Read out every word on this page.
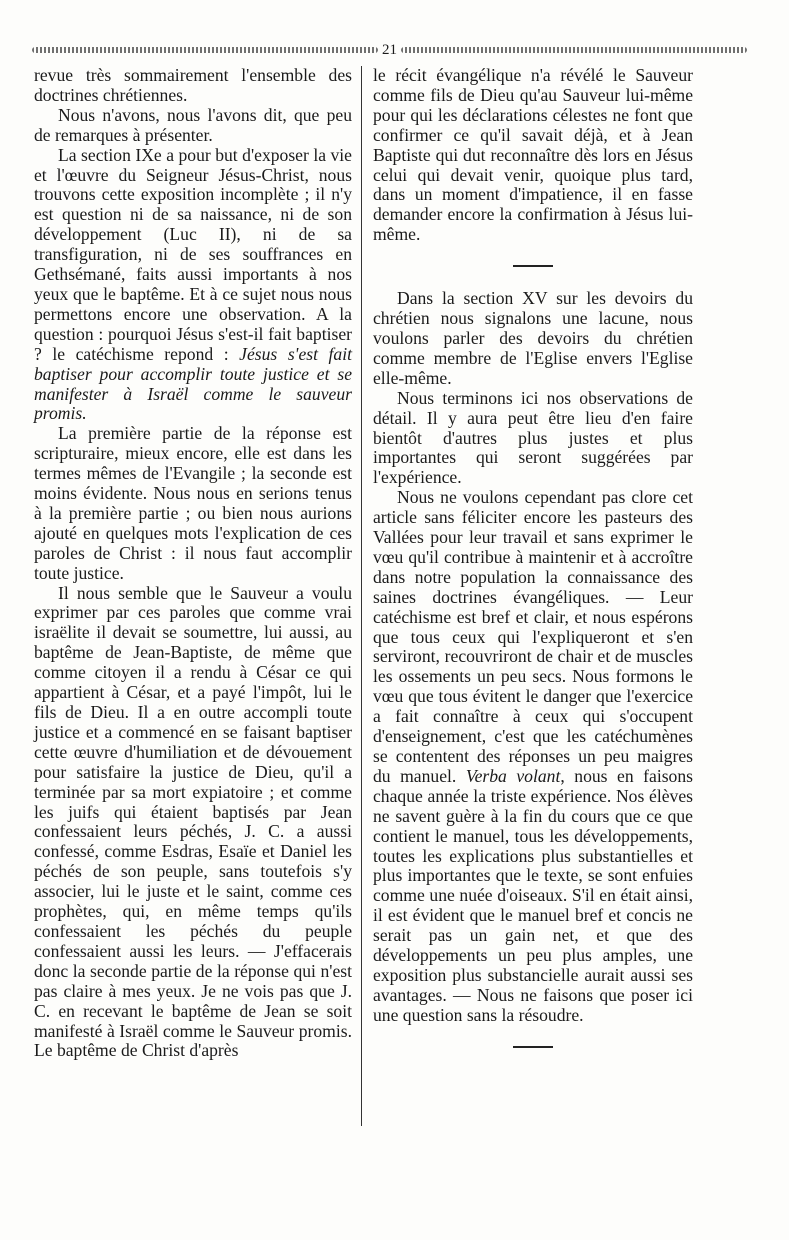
21

revue très sommairement l'ensemble des doctrines chrétiennes.

Nous n'avons, nous l'avons dit, que peu de remarques à présenter.

La section IXe a pour but d'exposer la vie et l'œuvre du Seigneur Jésus-Christ, nous trouvons cette exposition incomplète ; il n'y est question ni de sa naissance, ni de son développement (Luc II), ni de sa transfiguration, ni de ses souffrances en Gethsémané, faits aussi importants à nos yeux que le baptême. Et à ce sujet nous nous permettons encore une observation. A la question : pourquoi Jésus s'est-il fait baptiser ? le catéchisme repond : Jésus s'est fait baptiser pour accomplir toute justice et se manifester à Israël comme le sauveur promis.

La première partie de la réponse est scripturaire, mieux encore, elle est dans les termes mêmes de l'Evangile ; la seconde est moins évidente. Nous nous en serions tenus à la première partie ; ou bien nous aurions ajouté en quelques mots l'explication de ces paroles de Christ : il nous faut accomplir toute justice.

Il nous semble que le Sauveur a voulu exprimer par ces paroles que comme vrai israëlite il devait se soumettre, lui aussi, au baptême de Jean-Baptiste, de même que comme citoyen il a rendu à César ce qui appartient à César, et a payé l'impôt, lui le fils de Dieu. Il a en outre accompli toute justice et a commencé en se faisant baptiser cette œuvre d'humiliation et de dévouement pour satisfaire la justice de Dieu, qu'il a terminée par sa mort expiatoire ; et comme les juifs qui étaient baptisés par Jean confessaient leurs péchés, J. C. a aussi confessé, comme Esdras, Esaïe et Daniel les péchés de son peuple, sans toutefois s'y associer, lui le juste et le saint, comme ces prophètes, qui, en même temps qu'ils confessaient les péchés du peuple confessaient aussi les leurs. — J'effacerais donc la seconde partie de la réponse qui n'est pas claire à mes yeux. Je ne vois pas que J. C. en recevant le baptême de Jean se soit manifesté à Israël comme le Sauveur promis. Le baptême de Christ d'après

le récit évangélique n'a révélé le Sauveur comme fils de Dieu qu'au Sauveur lui-même pour qui les déclarations célestes ne font que confirmer ce qu'il savait déjà, et à Jean Baptiste qui dut reconnaître dès lors en Jésus celui qui devait venir, quoique plus tard, dans un moment d'impatience, il en fasse demander encore la confirmation à Jésus lui-même.

Dans la section XV sur les devoirs du chrétien nous signalons une lacune, nous voulons parler des devoirs du chrétien comme membre de l'Eglise envers l'Eglise elle-même.

Nous terminons ici nos observations de détail. Il y aura peut être lieu d'en faire bientôt d'autres plus justes et plus importantes qui seront suggérées par l'expérience.

Nous ne voulons cependant pas clore cet article sans féliciter encore les pasteurs des Vallées pour leur travail et sans exprimer le vœu qu'il contribue à maintenir et à accroître dans notre population la connaissance des saines doctrines évangéliques. — Leur catéchisme est bref et clair, et nous espérons que tous ceux qui l'expliqueront et s'en serviront, recouvriront de chair et de muscles les ossements un peu secs. Nous formons le vœu que tous évitent le danger que l'exercice a fait connaître à ceux qui s'occupent d'enseignement, c'est que les catéchumènes se contentent des réponses un peu maigres du manuel. Verba volant, nous en faisons chaque année la triste expérience. Nos élèves ne savent guère à la fin du cours que ce que contient le manuel, tous les développements, toutes les explications plus substantielles et plus importantes que le texte, se sont enfuies comme une nuée d'oiseaux. S'il en était ainsi, il est évident que le manuel bref et concis ne serait pas un gain net, et que des développements un peu plus amples, une exposition plus substancielle aurait aussi ses avantages. — Nous ne faisons que poser ici une question sans la résoudre.
